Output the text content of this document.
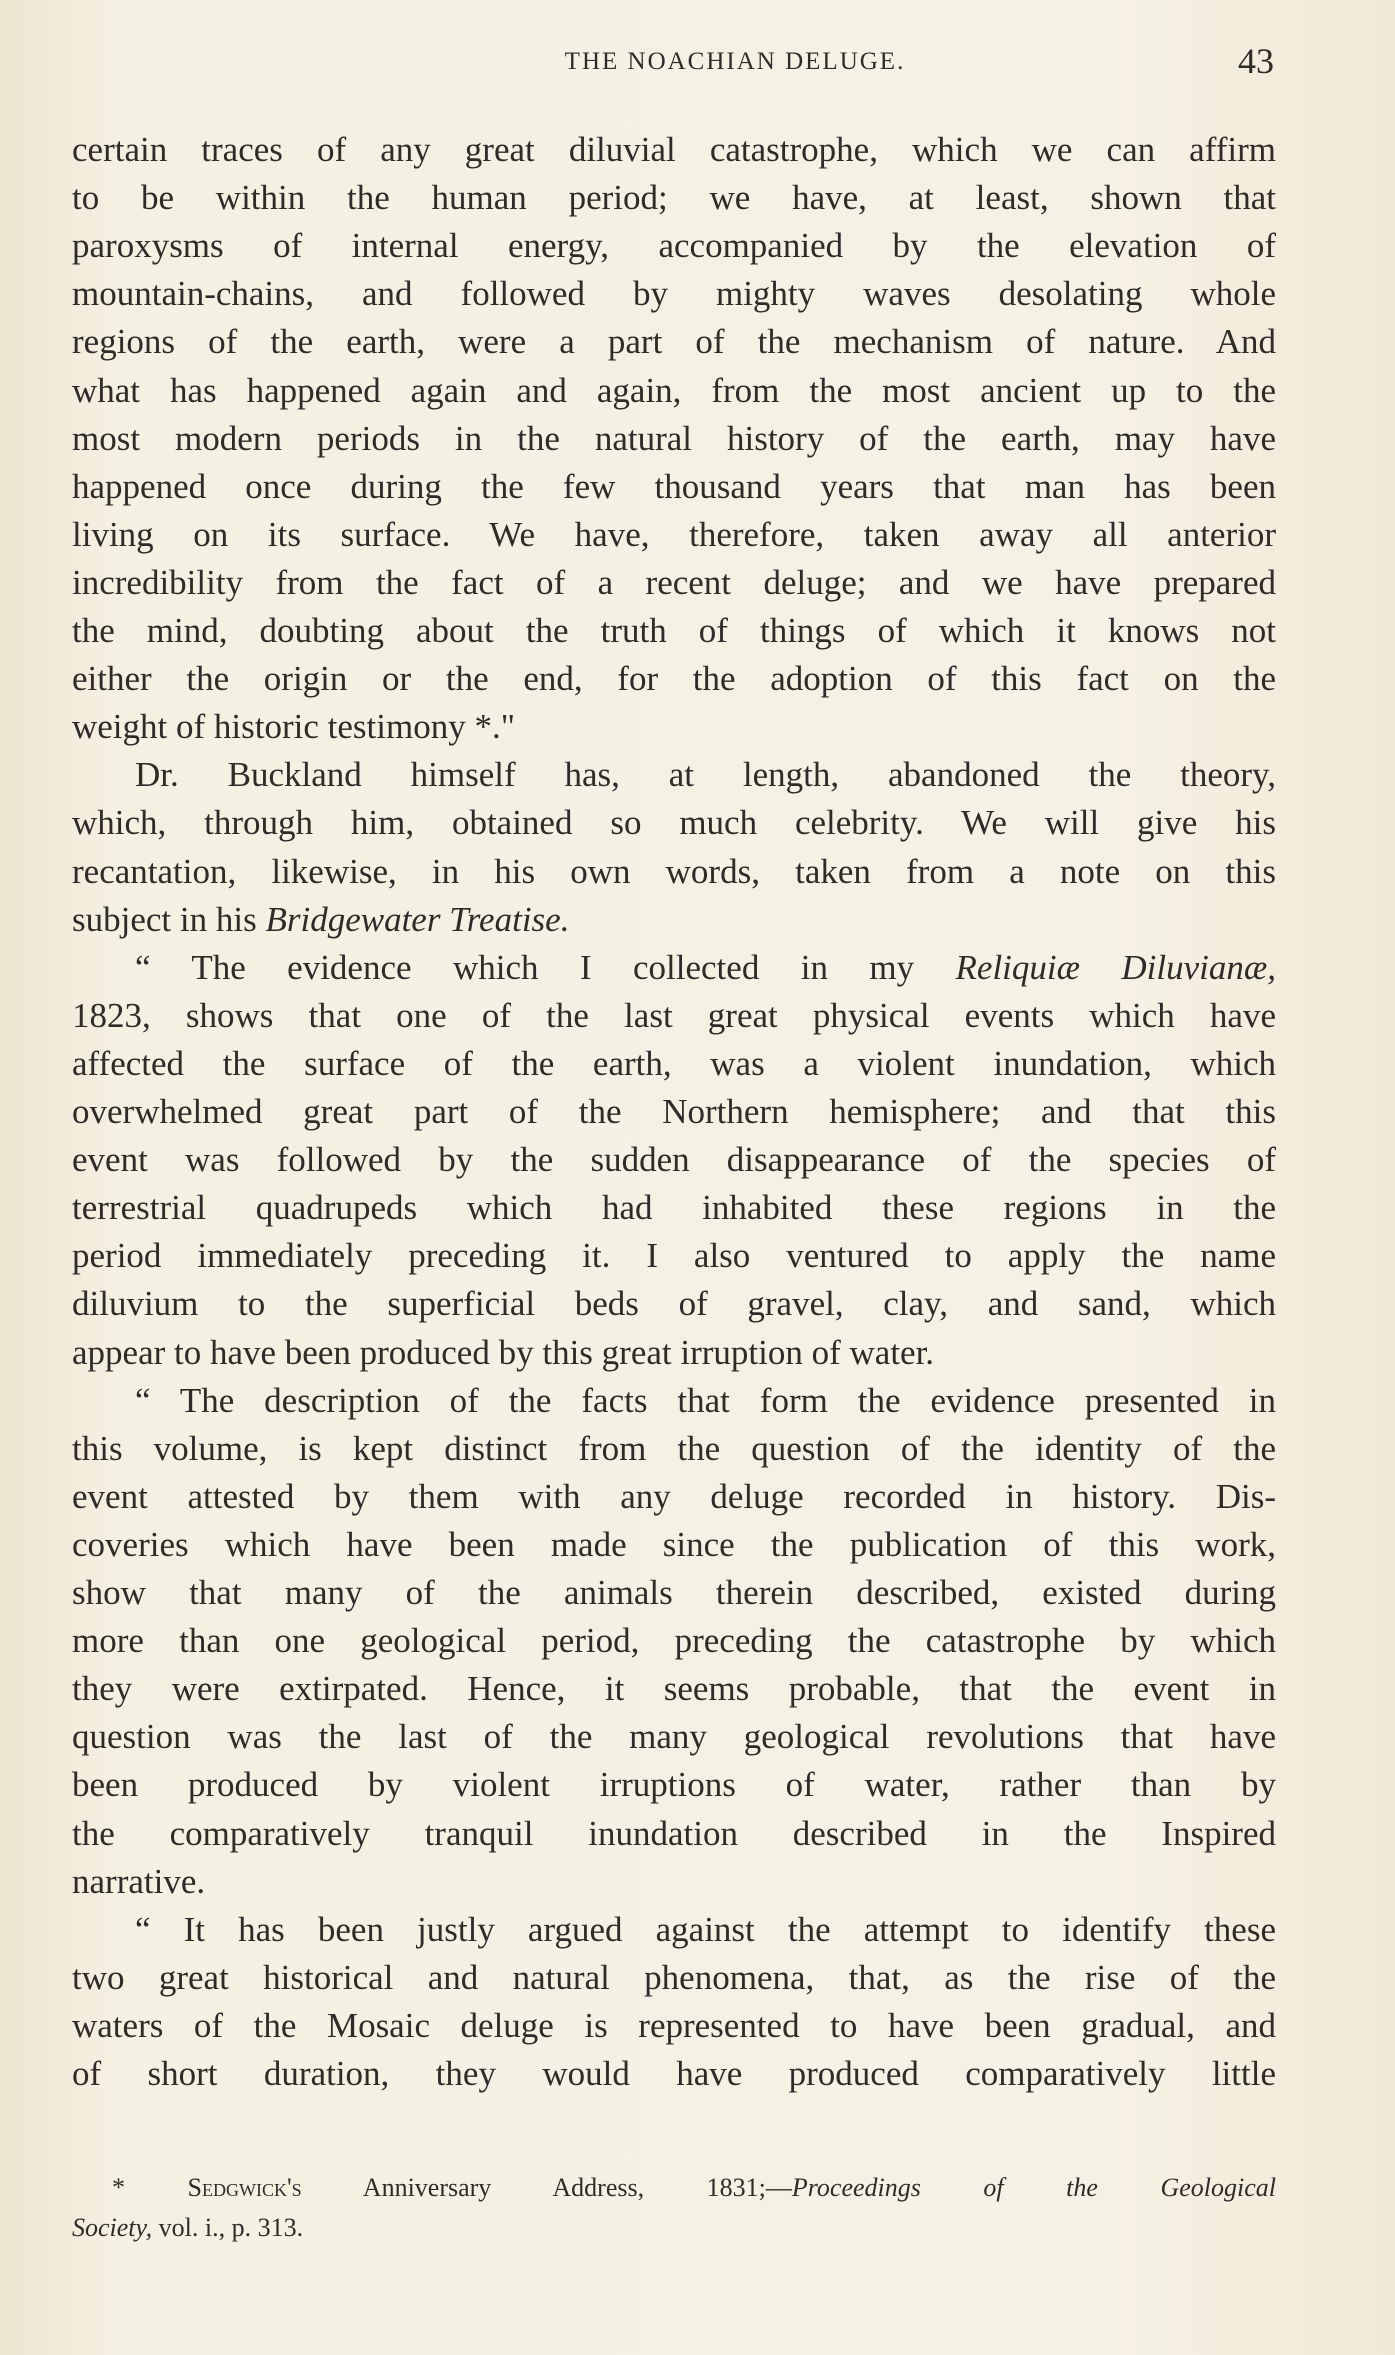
THE NOACHIAN DELUGE.	43
certain traces of any great diluvial catastrophe, which we can affirm
to be within the human period; we have, at least, shown that
paroxysms of internal energy, accompanied by the elevation of
mountain-chains, and followed by mighty waves desolating whole
regions of the earth, were a part of the mechanism of nature. And
what has happened again and again, from the most ancient up to the
most modern periods in the natural history of the earth, may have
happened once during the few thousand years that man has been
living on its surface. We have, therefore, taken away all anterior
incredibility from the fact of a recent deluge; and we have prepared
the mind, doubting about the truth of things of which it knows not
either the origin or the end, for the adoption of this fact on the
weight of historic testimony *."
Dr. Buckland himself has, at length, abandoned the theory,
which, through him, obtained so much celebrity. We will give his
recantation, likewise, in his own words, taken from a note on this
subject in his Bridgewater Treatise.
“ The evidence which I collected in my Reliquiæ Diluvianæ,
1823, shows that one of the last great physical events which have
affected the surface of the earth, was a violent inundation, which
overwhelmed great part of the Northern hemisphere; and that this
event was followed by the sudden disappearance of the species of
terrestrial quadrupeds which had inhabited these regions in the
period immediately preceding it. I also ventured to apply the name
diluvium to the superficial beds of gravel, clay, and sand, which
appear to have been produced by this great irruption of water.
“ The description of the facts that form the evidence presented in
this volume, is kept distinct from the question of the identity of the
event attested by them with any deluge recorded in history. Dis-
coveries which have been made since the publication of this work,
show that many of the animals therein described, existed during
more than one geological period, preceding the catastrophe by which
they were extirpated. Hence, it seems probable, that the event in
question was the last of the many geological revolutions that have
been produced by violent irruptions of water, rather than by
the comparatively tranquil inundation described in the Inspired
narrative.
“ It has been justly argued against the attempt to identify these
two great historical and natural phenomena, that, as the rise of the
waters of the Mosaic deluge is represented to have been gradual, and
of short duration, they would have produced comparatively little
* Sedgwick's Anniversary Address, 1831;—Proceedings of the Geological
Society, vol. i., p. 313.
